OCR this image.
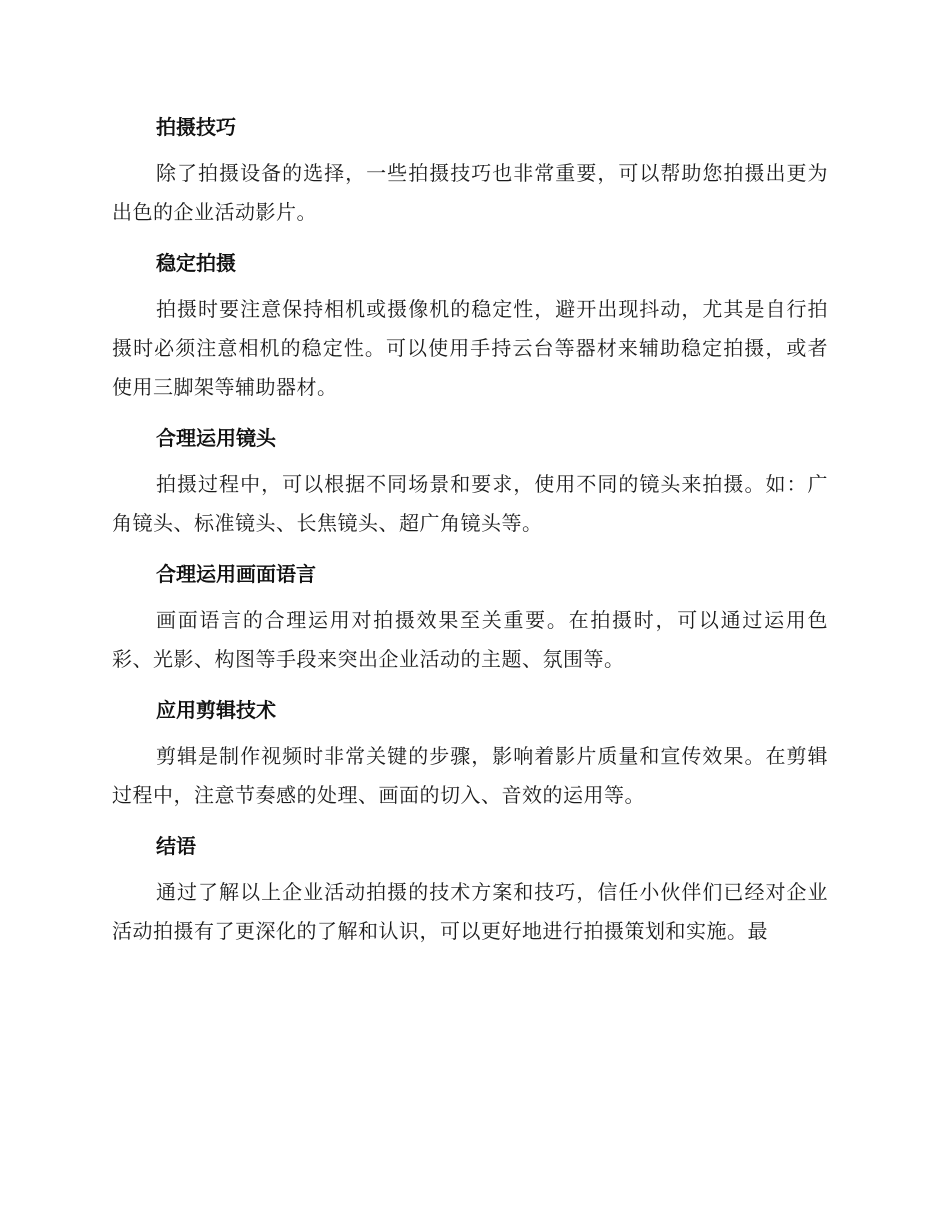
拍摄技巧

除了拍摄设备的选择，一些拍摄技巧也非常重要，可以帮助您拍摄出更为出色的企业活动影片。

稳定拍摄

拍摄时要注意保持相机或摄像机的稳定性，避开出现抖动，尤其是自行拍摄时必须注意相机的稳定性。可以使用手持云台等器材来辅助稳定拍摄，或者使用三脚架等辅助器材。

合理运用镜头

拍摄过程中，可以根据不同场景和要求，使用不同的镜头来拍摄。如：广角镜头、标准镜头、长焦镜头、超广角镜头等。

合理运用画面语言

画面语言的合理运用对拍摄效果至关重要。在拍摄时，可以通过运用色彩、光影、构图等手段来突出企业活动的主题、氛围等。

应用剪辑技术

剪辑是制作视频时非常关键的步骤，影响着影片质量和宣传效果。在剪辑过程中，注意节奏感的处理、画面的切入、音效的运用等。

结语

通过了解以上企业活动拍摄的技术方案和技巧，信任小伙伴们已经对企业活动拍摄有了更深化的了解和认识，可以更好地进行拍摄策划和实施。最
